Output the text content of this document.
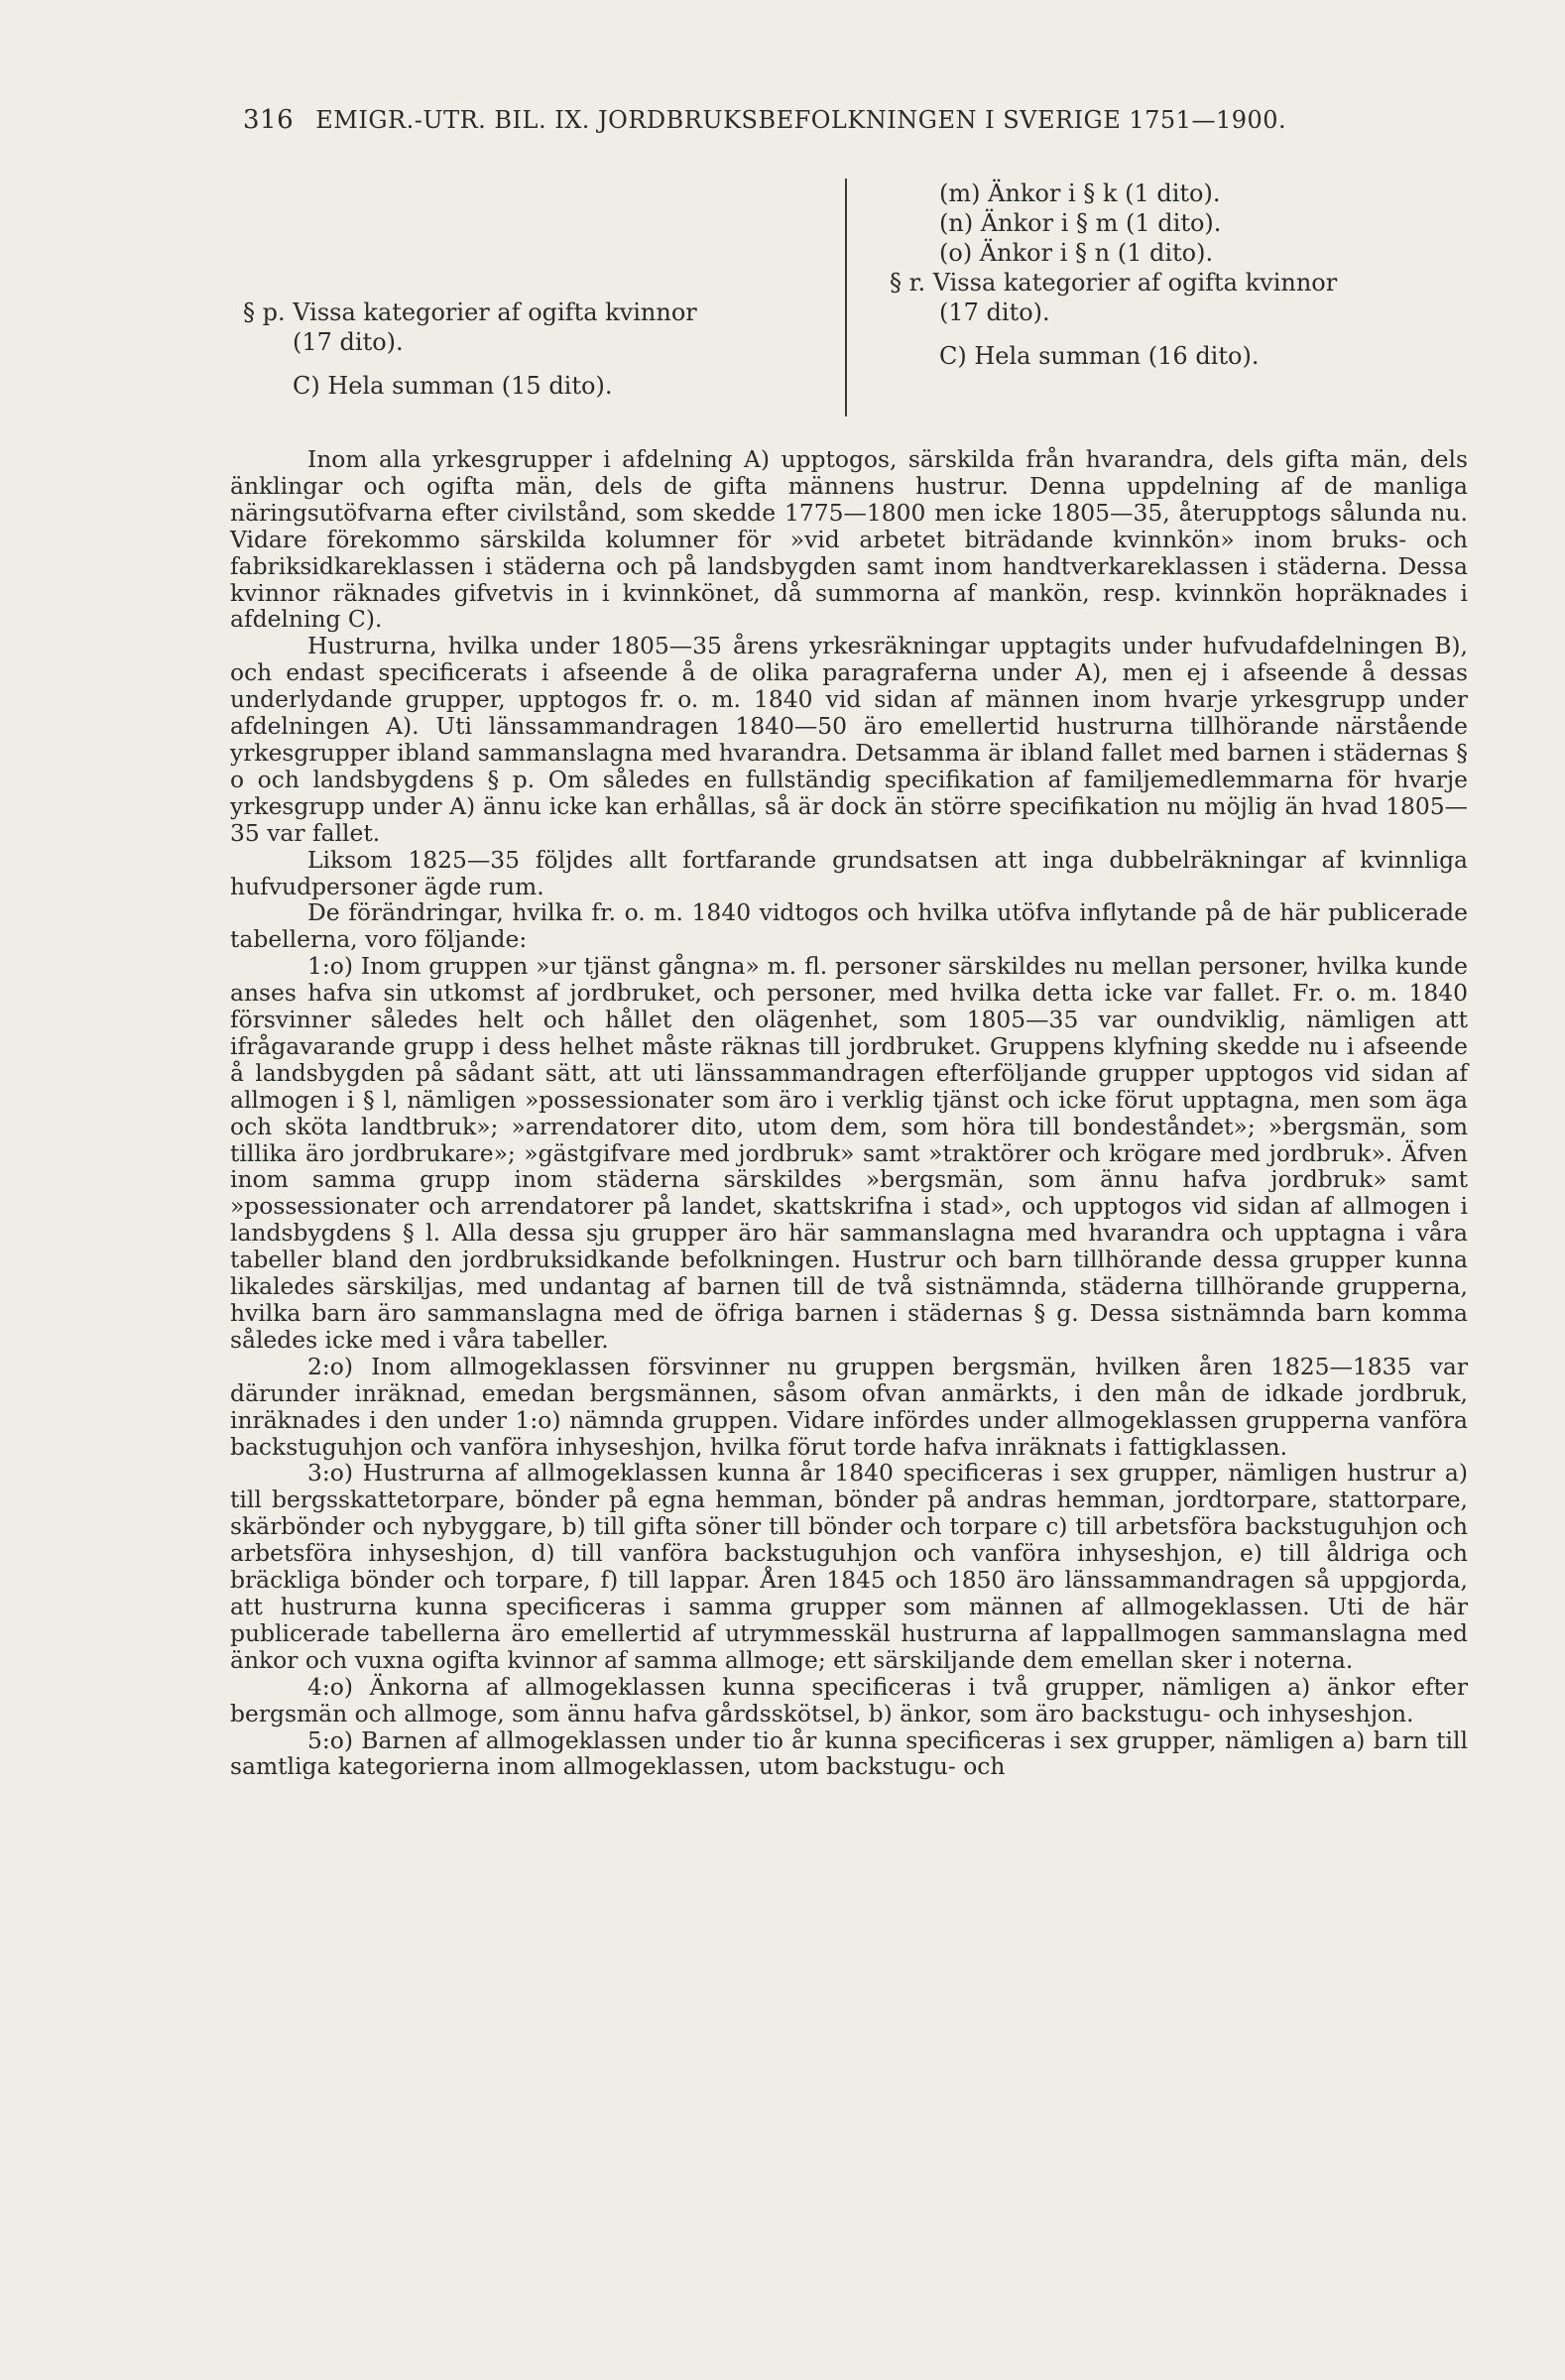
316 EMIGR.-UTR. BIL. IX. JORDBRUKSBEFOLKNINGEN I SVERIGE 1751—1900.

§ p. Vissa kategorier af ogifta kvinnor

(17 dito).

C) Hela summan (15 dito).

(m) Änkor i § k (1 dito).

(n) Änkor i § m (1 dito).

(o) Änkor i § n (1 dito).

§ r. Vissa kategorier af ogifta kvinnor

(17 dito).

C) Hela summan (16 dito).

Inom alla yrkesgrupper i afdelning A) upptogos, särskilda från hvarandra, dels gifta män, dels änklingar och ogifta män, dels de gifta männens hustrur. Denna uppdelning af de manliga näringsutöfvarna efter civilstånd, som skedde 1775—1800 men icke 1805—35, återupptogs sålunda nu. Vidare förekommo särskilda kolumner för »vid arbetet biträdande kvinnkön» inom bruks- och fabriksidkareklassen i städerna och på landsbygden samt inom handtverkareklassen i städerna. Dessa kvinnor räknades gifvetvis in i kvinnkönet, då summorna af mankön, resp. kvinnkön hopräknades i afdelning C).

Hustrurna, hvilka under 1805—35 årens yrkesräkningar upptagits under hufvudafdelningen B), och endast specificerats i afseende å de olika paragraferna under A), men ej i afseende å dessas underlydande grupper, upptogos fr. o. m. 1840 vid sidan af männen inom hvarje yrkesgrupp under afdelningen A). Uti länssammandragen 1840—50 äro emellertid hustrurna tillhörande närstående yrkesgrupper ibland sammanslagna med hvarandra. Detsamma är ibland fallet med barnen i städernas § o och landsbygdens § p. Om således en fullständig specifikation af familjemedlemmarna för hvarje yrkesgrupp under A) ännu icke kan erhållas, så är dock än större specifikation nu möjlig än hvad 1805—35 var fallet.

Liksom 1825—35 följdes allt fortfarande grundsatsen att inga dubbelräkningar af kvinnliga hufvudpersoner ägde rum.

De förändringar, hvilka fr. o. m. 1840 vidtogos och hvilka utöfva inflytande på de här publicerade tabellerna, voro följande:

1:o) Inom gruppen »ur tjänst gångna» m. fl. personer särskildes nu mellan personer, hvilka kunde anses hafva sin utkomst af jordbruket, och personer, med hvilka detta icke var fallet. Fr. o. m. 1840 försvinner således helt och hållet den olägenhet, som 1805—35 var oundviklig, nämligen att ifrågavarande grupp i dess helhet måste räknas till jordbruket. Gruppens klyfning skedde nu i afseende å landsbygden på sådant sätt, att uti länssammandragen efterföljande grupper upptogos vid sidan af allmogen i § l, nämligen »possessionater som äro i verklig tjänst och icke förut upptagna, men som äga och sköta landtbruk»; »arrendatorer dito, utom dem, som höra till bondeståndet»; »bergsmän, som tillika äro jordbrukare»; »gästgifvare med jordbruk» samt »traktörer och krögare med jordbruk». Äfven inom samma grupp inom städerna särskildes »bergsmän, som ännu hafva jordbruk» samt »possessionater och arrendatorer på landet, skattskrifna i stad», och upptogos vid sidan af allmogen i landsbygdens § l. Alla dessa sju grupper äro här sammanslagna med hvarandra och upptagna i våra tabeller bland den jordbruksidkande befolkningen. Hustrur och barn tillhörande dessa grupper kunna likaledes särskiljas, med undantag af barnen till de två sistnämnda, städerna tillhörande grupperna, hvilka barn äro sammanslagna med de öfriga barnen i städernas § g. Dessa sistnämnda barn komma således icke med i våra tabeller.

2:o) Inom allmogeklassen försvinner nu gruppen bergsmän, hvilken åren 1825—1835 var därunder inräknad, emedan bergsmännen, såsom ofvan anmärkts, i den mån de idkade jordbruk, inräknades i den under 1:o) nämnda gruppen. Vidare infördes under allmogeklassen grupperna vanföra backstuguhjon och vanföra inhyseshjon, hvilka förut torde hafva inräknats i fattigklassen.

3:o) Hustrurna af allmogeklassen kunna år 1840 specificeras i sex grupper, nämligen hustrur a) till bergsskattetorpare, bönder på egna hemman, bönder på andras hemman, jordtorpare, stattorpare, skärbönder och nybyggare, b) till gifta söner till bönder och torpare c) till arbetsföra backstuguhjon och arbetsföra inhyseshjon, d) till vanföra backstuguhjon och vanföra inhyseshjon, e) till åldriga och bräckliga bönder och torpare, f) till lappar. Åren 1845 och 1850 äro länssammandragen så uppgjorda, att hustrurna kunna specificeras i samma grupper som männen af allmogeklassen. Uti de här publicerade tabellerna äro emellertid af utrymmesskäl hustrurna af lappallmogen sammanslagna med änkor och vuxna ogifta kvinnor af samma allmoge; ett särskiljande dem emellan sker i noterna.

4:o) Änkorna af allmogeklassen kunna specificeras i två grupper, nämligen a) änkor efter bergsmän och allmoge, som ännu hafva gårdsskötsel, b) änkor, som äro backstugu- och inhyseshjon.

5:o) Barnen af allmogeklassen under tio år kunna specificeras i sex grupper, nämligen a) barn till samtliga kategorierna inom allmogeklassen, utom backstugu- och
